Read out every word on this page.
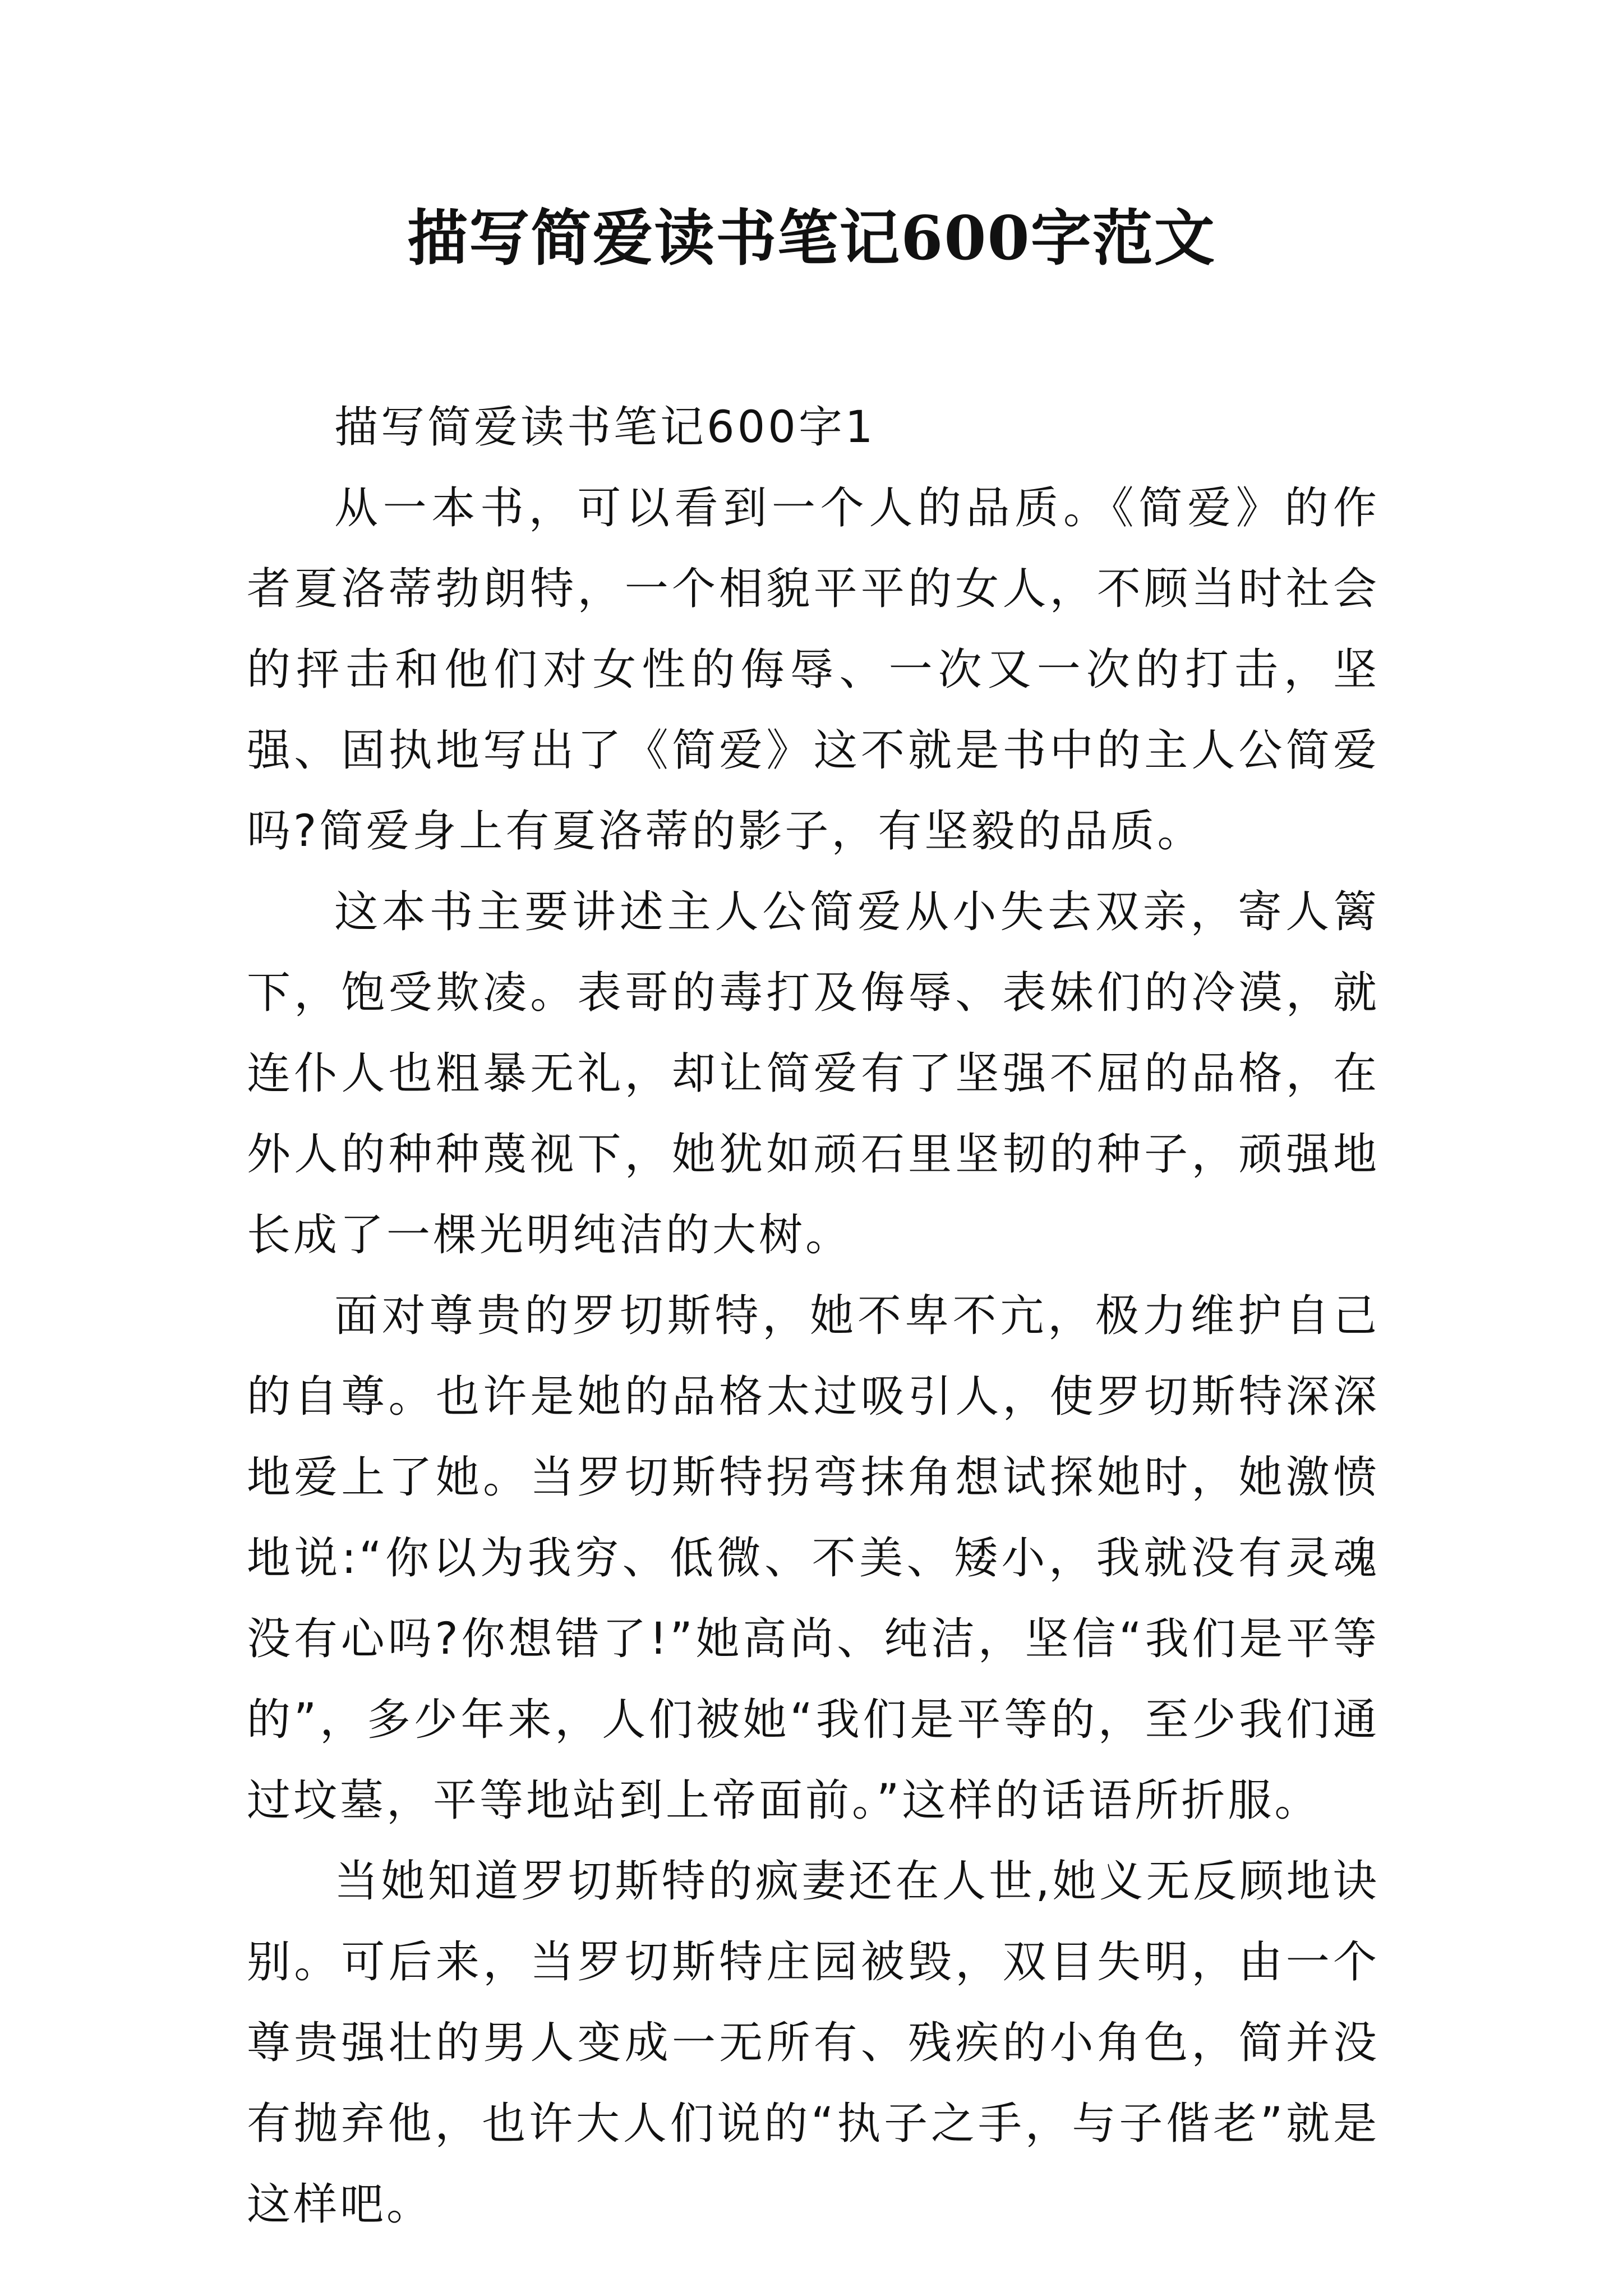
描写简爱读书笔记600字范文

描写简爱读书笔记600字1

从一本书，可以看到一个人的品质。《简爱》的作者夏洛蒂勃朗特，一个相貌平平的女人，不顾当时社会的抨击和他们对女性的侮辱、一次又一次的打击，坚强、固执地写出了《简爱》这不就是书中的主人公简爱吗?简爱身上有夏洛蒂的影子，有坚毅的品质。

这本书主要讲述主人公简爱从小失去双亲，寄人篱下，饱受欺凌。表哥的毒打及侮辱、表妹们的冷漠，就连仆人也粗暴无礼，却让简爱有了坚强不屈的品格，在外人的种种蔑视下，她犹如顽石里坚韧的种子，顽强地长成了一棵光明纯洁的大树。

面对尊贵的罗切斯特，她不卑不亢，极力维护自己的自尊。也许是她的品格太过吸引人，使罗切斯特深深地爱上了她。当罗切斯特拐弯抹角想试探她时，她激愤地说:“你以为我穷、低微、不美、矮小，我就没有灵魂没有心吗?你想错了!”她高尚、纯洁，坚信“我们是平等的”，多少年来，人们被她“我们是平等的，至少我们通过坟墓，平等地站到上帝面前。”这样的话语所折服。

当她知道罗切斯特的疯妻还在人世,她义无反顾地诀别。可后来，当罗切斯特庄园被毁，双目失明，由一个尊贵强壮的男人变成一无所有、残疾的小角色，简并没有抛弃他，也许大人们说的“执子之手，与子偕老”就是这样吧。
